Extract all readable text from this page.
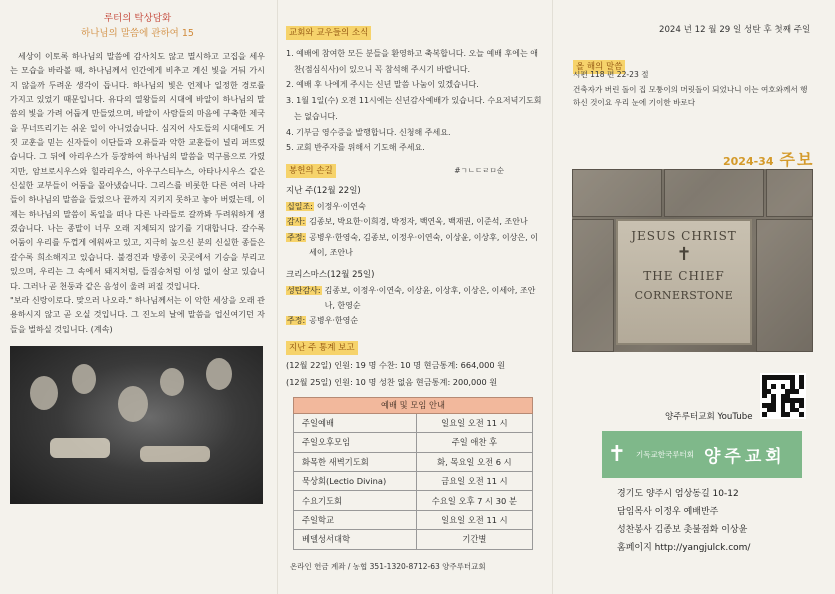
루터의 탁상담화
하나님의 말씀에 관하여 15

세상이 이토록 하나님의 말씀에 감사치도 않고 멸시하고 고집을 세우는 모습을 바라볼 때, 하나님께서 인간에게 비추고 계신 빛을 거둬 가시지 않을까 두려운 생각이 듭니다. 하나님의 빛은 언제나 일정한 경로를 가지고 있었기 때문입니다. 유다의 열왕들의 시대에 바알이 하나님의 말씀의 빛을 가려 어둡게 만들었으며, 바알이 사람들의 마음에 구축한 제국을 무너뜨리기는 쉬운 일이 아니었습니다. 심지어 사도들의 시대에도 거짓 교훈을 믿는 신자들이 이단들과 오류들과 악한 교훈들이 널리 퍼뜨렸습니다. 그 뒤에 아리우스가 등장하여 하나님의 말씀을 먹구름으로 가렸지만, 암브로시우스와 힐라리우스, 아우구스티누스, 아타나시우스 같은 신실한 교부들이 어둠을 몰아냈습니다. 그리스를 비롯한 다른 여러 나라들이 하나님의 말씀을 들었으나 끝까지 지키지 못하고 놓아 버렸는데, 이제는 하나님의 말씀이 독일을 떠나 다른 나라들로 갈까봐 두려워하게 생겼습니다. 나는 종말이 너무 오래 지체되지 않기를 기대합니다. 갈수록 어둠이 우리를 두껍게 에워싸고 있고, 지극히 높으신 분의 신실한 종들은 갈수록 희소해지고 있습니다. 불경건과 방종이 곳곳에서 기승을 부리고 있으며, 우리는 그 속에서 돼지처럼, 들짐승처럼 이성 없이 살고 있습니다. 그러나 곧 천둥과 같은 음성이 울려 퍼질 것입니다.

"보라 신랑이로다. 맞으러 나오라." 하나님께서는 이 악한 세상을 오래 관용하시지 않고 곧 오실 것입니다. 그 진노의 날에 말씀을 업신여기던 자들을 벌하실 것입니다. (계속)

교회와 교우들의 소식
1. 예배에 참여한 모든 분들을 환영하고 축복합니다. 오늘 예배 후에는 애찬(점심식사)이 있으니 꼭 참석해 주시기 바랍니다.
2. 예배 후 나에게 주시는 신년 말씀 나눔이 있겠습니다.
3. 1월 1일(수) 오전 11시에는 신년감사예배가 있습니다. 수요저녁기도회는 없습니다.
4. 기부금 영수증을 발행합니다. 신청해 주세요.
5. 교회 반주자를 위해서 기도해 주세요.
봉헌의 손길	#ㄱㄴㄷㄹㅁ순
지난 주(12월 22일)
십일조: 이정우·이연숙
감사: 김종보, 박요한·이희경, 박정자, 백연욱, 백재권, 이준석, 조안나
주정: 공병우·한영숙, 김종보, 이정우·이연숙, 이상윤, 이상후, 이상은, 이세이, 조안나
크리스마스(12월 25일)
성탄감사: 김종보, 이정우·이연숙, 이상윤, 이상후, 이상은, 이세아, 조안나, 한영순
주정: 공병우·한영순
지난 주 통계 보고
(12월 22일) 인원: 19 명 수찬: 10 명 현금통계: 664,000 원
(12월 25일) 인원: 10 명 성찬 없음 현금통계: 200,000 원
예배 및 모임 안내	
주일예배	일요일 오전 11 시
주일오후모임	주일 애찬 후
화목한 새벽기도회	화, 목요일 오전 6 시
묵상회(Lectio Divina)	금요일 오전 11 시
수요기도회	수요일 오후 7 시 30 분
주일학교	일요일 오전 11 시
베델성서대학	기간별
온라인 헌금 계좌 / 농협 351-1320-8712-63 양주루터교회
2024 년 12 월 29 일 성탄 후 첫째 주일
올 해의 말씀
시편 118 편 22-23 절
건축자가 버린 돌이 집 모퉁이의 머릿돌이 되었나니 이는 여호와께서 행하신 것이요 우리 눈에 기이한 바로다
2024-34 주보
JESUS CHRIST
✝
THE CHIEF
CORNERSTONE
양주루터교회 YouTube
✝	기독교한국루터회 양주교회
경기도 양주시 엄상동길 10-12
담임목사 이정우 예배반주
성찬봉사 김종보 촛불점화 이상윤
홈페이지 http://yangjulck.com/
